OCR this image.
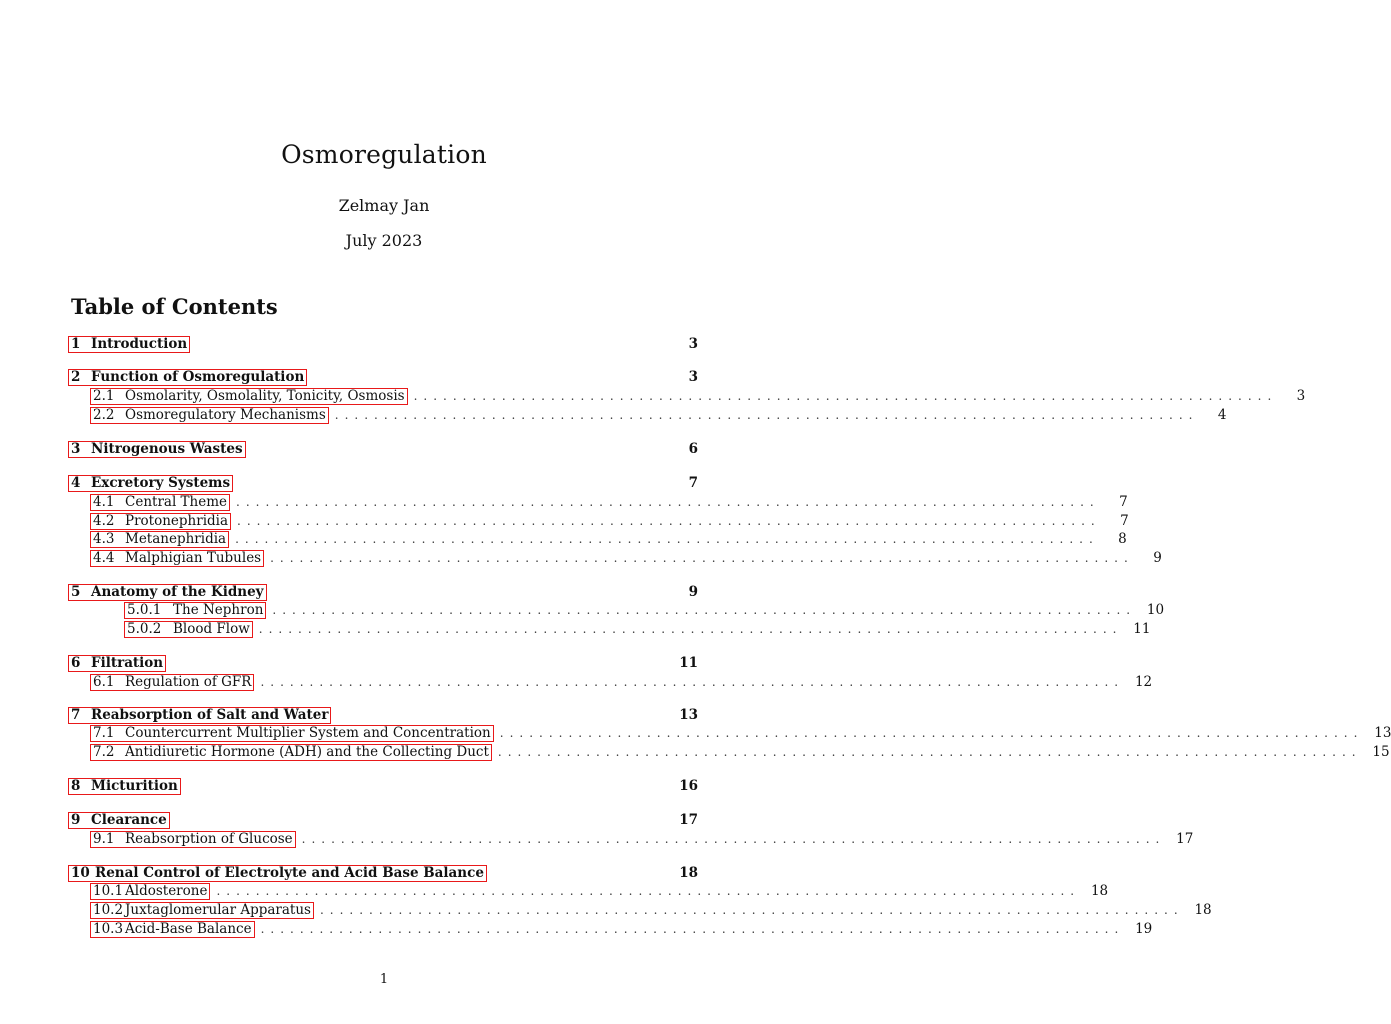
Osmoregulation
Zelmay Jan
July 2023
Table of Contents
1 Introduction	3
2 Function of Osmoregulation	3
2.1 Osmolarity, Osmolality, Tonicity, Osmosis ........................................................................................	3
2.2 Osmoregulatory Mechanisms ........................................................................................	4
3 Nitrogenous Wastes	6
4 Excretory Systems	7
4.1 Central Theme ........................................................................................	7
4.2 Protonephridia ........................................................................................	7
4.3 Metanephridia ........................................................................................	8
4.4 Malphigian Tubules ........................................................................................	9
5 Anatomy of the Kidney	9
5.0.1 The Nephron ........................................................................................ 10
5.0.2 Blood Flow ........................................................................................ 11
6 Filtration	11
6.1 Regulation of GFR ........................................................................................ 12
7 Reabsorption of Salt and Water	13
7.1 Countercurrent Multiplier System and Concentration ........................................................................................ 13
7.2 Antidiuretic Hormone (ADH) and the Collecting Duct ........................................................................................ 15
8 Micturition	16
9 Clearance	17
9.1 Reabsorption of Glucose ........................................................................................ 17
10 Renal Control of Electrolyte and Acid Base Balance	18
10.1 Aldosterone ........................................................................................ 18
10.2 Juxtaglomerular Apparatus ........................................................................................ 18
10.3 Acid-Base Balance ........................................................................................ 19
1
